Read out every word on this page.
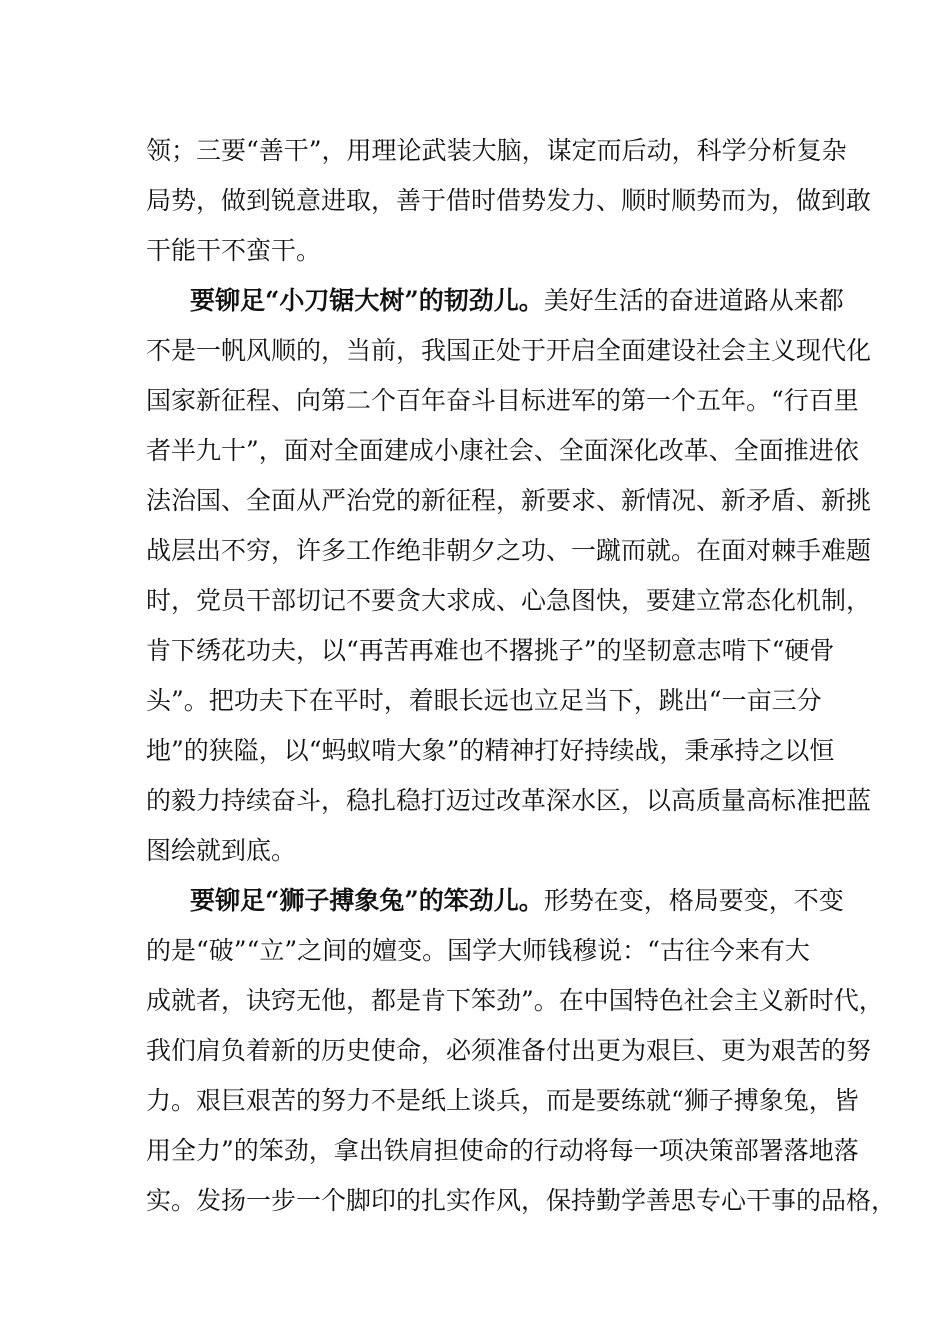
领；三要“善干”，用理论武装大脑，谋定而后动，科学分析复杂
局势，做到锐意进取，善于借时借势发力、顺时顺势而为，做到敢
干能干不蛮干。
要铆足“小刀锯大树”的韧劲儿。美好生活的奋进道路从来都
不是一帆风顺的，当前，我国正处于开启全面建设社会主义现代化
国家新征程、向第二个百年奋斗目标进军的第一个五年。“行百里
者半九十”，面对全面建成小康社会、全面深化改革、全面推进依
法治国、全面从严治党的新征程，新要求、新情况、新矛盾、新挑
战层出不穷，许多工作绝非朝夕之功、一蹴而就。在面对棘手难题
时，党员干部切记不要贪大求成、心急图快，要建立常态化机制，
肯下绣花功夫，以“再苦再难也不撂挑子”的坚韧意志啃下“硬骨
头”。把功夫下在平时，着眼长远也立足当下，跳出“一亩三分
地”的狭隘，以“蚂蚁啃大象”的精神打好持续战，秉承持之以恒
的毅力持续奋斗，稳扎稳打迈过改革深水区，以高质量高标准把蓝
图绘就到底。
要铆足“狮子搏象兔”的笨劲儿。形势在变，格局要变，不变
的是“破”“立”之间的嬗变。国学大师钱穆说：“古往今来有大
成就者，诀窍无他，都是肯下笨劲”。在中国特色社会主义新时代，
我们肩负着新的历史使命，必须准备付出更为艰巨、更为艰苦的努
力。艰巨艰苦的努力不是纸上谈兵，而是要练就“狮子搏象兔，皆
用全力”的笨劲，拿出铁肩担使命的行动将每一项决策部署落地落
实。发扬一步一个脚印的扎实作风，保持勤学善思专心干事的品格，
